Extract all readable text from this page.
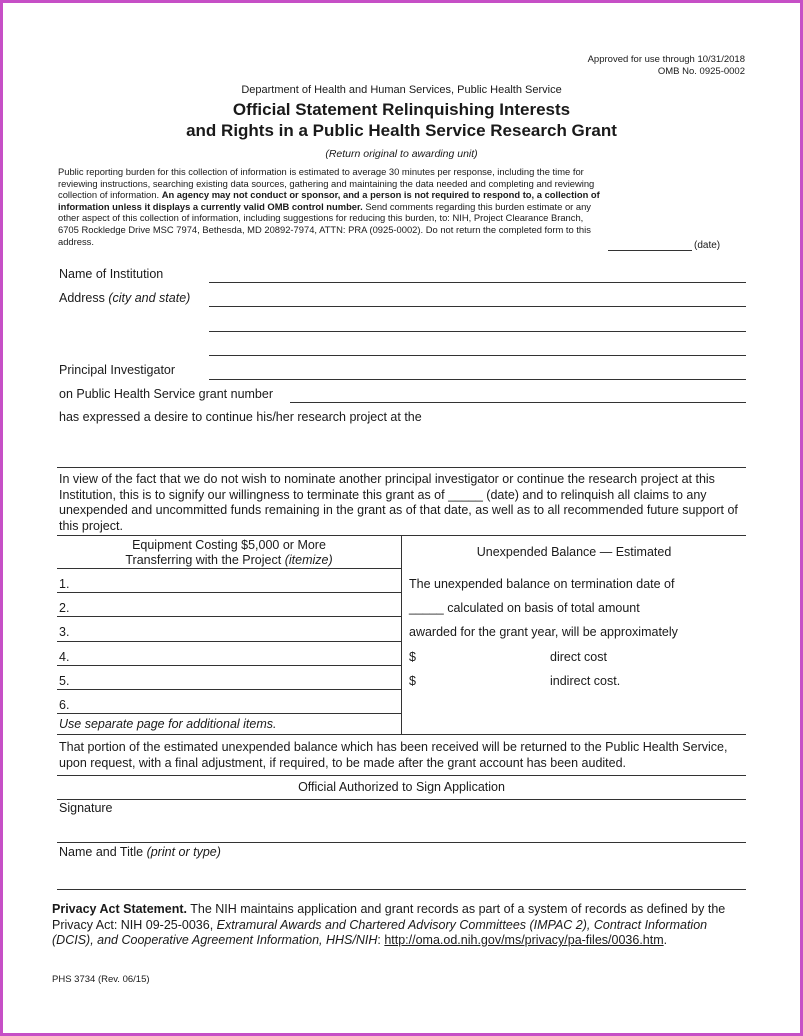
Approved for use through 10/31/2018
OMB No. 0925-0002
Department of Health and Human Services, Public Health Service
Official Statement Relinquishing Interests
and Rights in a Public Health Service Research Grant
(Return original to awarding unit)
Public reporting burden for this collection of information is estimated to average 30 minutes per response, including the time for reviewing instructions, searching existing data sources, gathering and maintaining the data needed and completing and reviewing collection of information. An agency may not conduct or sponsor, and a person is not required to respond to, a collection of information unless it displays a currently valid OMB control number. Send comments regarding this burden estimate or any other aspect of this collection of information, including suggestions for reducing this burden, to: NIH, Project Clearance Branch, 6705 Rockledge Drive MSC 7974, Bethesda, MD 20892-7974, ATTN: PRA (0925-0002). Do not return the completed form to this address.	(date)
Name of Institution
Address (city and state)
Principal Investigator
on Public Health Service grant number
has expressed a desire to continue his/her research project at the
In view of the fact that we do not wish to nominate another principal investigator or continue the research project at this Institution, this is to signify our willingness to terminate this grant as of _____ (date) and to relinquish all claims to any unexpended and uncommitted funds remaining in the grant as of that date, as well as to all recommended future support of this project.
Equipment Costing $5,000 or More
Transferring with the Project (itemize)
Unexpended Balance — Estimated
1.
2.
3.
4.
5.
6.
Use separate page for additional items.
The unexpended balance on termination date of
_____ calculated on basis of total amount
awarded for the grant year, will be approximately
$	direct cost
$	indirect cost.
That portion of the estimated unexpended balance which has been received will be returned to the Public Health Service, upon request, with a final adjustment, if required, to be made after the grant account has been audited.
Official Authorized to Sign Application
Signature
Name and Title (print or type)
Privacy Act Statement. The NIH maintains application and grant records as part of a system of records as defined by the Privacy Act: NIH 09-25-0036, Extramural Awards and Chartered Advisory Committees (IMPAC 2), Contract Information (DCIS), and Cooperative Agreement Information, HHS/NIH: http://oma.od.nih.gov/ms/privacy/pa-files/0036.htm.
PHS 3734 (Rev. 06/15)
